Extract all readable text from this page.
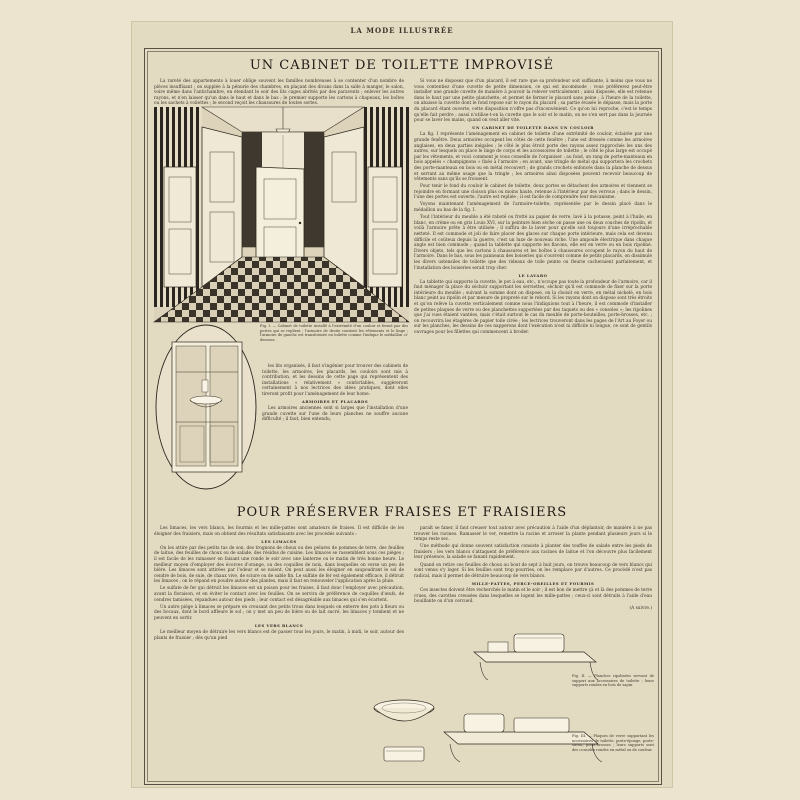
LA MODE ILLUSTRÉE
UN CABINET DE TOILETTE IMPROVISÉ

La rareté des appartements à louer oblige souvent les familles nombreuses à se contenter d'un nombre de pièces insuffisant ; on supplée à la pénurie des chambres, en plaçant des divans dans la salle à manger, le salon, voire même dans l'antichambre, en étendant le soir des lits cages abrités par des paravents ; enlever les autres rayons, et n'en laisser qu'un dans le haut et dans le bas ; le premier supporte les cartons à chapeaux, les boîtes ou les sachets à voilettes ; le second reçoit les chaussures de toutes sortes.

Fig. I. — Cabinet de toilette installé à l'extrémité d'un couloir et fermé par des portes qui se replient ; l'armoire de droite contient les vêtements et le linge ; l'armoire de gauche est transformée en toilette comme l'indique le médaillon ci-dessous.

les lits organisés, il faut s'ingénier pour trouver des cabinets de toilette, les armoires, les placards, les couloirs sont mis à contribution, et les dessins de cette page qui représentent des installations « relativement » confortables, suggèreront certainement à nos lectrices des idées pratiques, dont elles tireront profit pour l'aménagement de leur home.

ARMOIRES ET PLACARDS

Les armoires anciennes sont si larges que l'installation d'une grande cuvette sur l'une de leurs planches ne souffre aucune difficulté ; il faut, bien entendu,

Si vous ne disposez que d'un placard, il est rare que sa profondeur soit suffisante, à moins que vous ne vous contentiez d'une cuvette de petite dimension, ce qui est incommode ; vous préférerez peut-être installer une grande cuvette de manière à pouvoir la relever verticalement ; ainsi disposée, elle est retenue dans le haut par une petite planchette, et permet de fermer le placard sans peine ; à l'heure de la toilette, on abaisse la cuvette dont le fond repose sur le rayon du placard ; sa partie évasée le dépasse, mais la porte du placard étant ouverte, cette disposition n'offre pas d'inconvénient. Ce qu'on lui reproche, c'est le temps qu'elle fait perdre ; aussi n'utilise-t-on la cuvette que le soir et le matin, on ne s'en sert pas dans la journée pour se laver les mains, quand on veut aller vite.

UN CABINET DE TOILETTE DANS UN COULOIR

La fig. I représente l'aménagement en cabinet de toilette d'une extrémité de couloir, éclairée par une grande fenêtre. Deux armoires occupent les côtés de cette fenêtre ; l'une est dressée comme les armoires anglaises, en deux parties inégales ; le côté le plus étroit porte des rayons assez rapprochés les uns des autres, sur lesquels on place le linge de corps et les accessoires de toilette ; le côté le plus large est occupé par les vêtements, et voici comment je vous conseille de l'organiser : au fond, un rang de porte-manteaux en bois appelés « champignons » fixés à l'armoire ; en avant, une tringle de métal qui supportera les crochets des porte-manteaux en bois ou en métal recouvert ; de grands crochets enfoncés dans la planche de dessus et serrant au même usage que la tringle ; les armoires ainsi disposées peuvent recevoir beaucoup de vêtements sans qu'ils se froissent.

Pour tenir le fond du couloir le cabinet de toilette, deux portes se détachent des armoires et viennent se rejoindre en formant une cloison plus ou moins haute, retenue à l'intérieur par des verrous ; dans le dessin, l'une des portes est ouverte, l'autre est repliée ; il est facile de comprendre leur mécanisme.

Voyons maintenant l'aménagement de l'armoire-toilette, représentée par le dessin placé dans le médaillon au bas de la fig. I.

Tout l'intérieur du meuble a été raboté ou frotté au papier de verre, lavé à la potasse, peint à l'huile, en blanc, en crème ou en gris Louis XVI, sur la peinture bien sèche on passe une ou deux couches de ripolin, et voilà l'armoire prête à être utilisée ; il suffira de la laver pour qu'elle soit toujours d'une irréprochable netteté. Il est commode et joli de faire placer des glaces sur chaque porte intérieure, mais cela est devenu difficile et coûteux depuis la guerre, c'est un luxe de nouveau riche. Une ampoule électrique dans chaque angle est bien commode ; quand la tablette qui supporte les flacons, elle est en verre ou en bois ripoliné. Divers objets, tels que les cartons à chaussures et les boîtes à chaussures occupent le rayon du haut de l'armoire. Dans le bas, sous les panneaux des boiseries qui s'ouvrent comme de petits placards, on dissimule les divers ustensiles de toilette que des rideaux de toile peinte ou fleurie cacheraient parfaitement, et l'installation des boiseries serait trop cher.

LE LAVABO

La tablette qui supporte la cuvette, le pot à eau, etc., n'occupe pas toute la profondeur de l'armoire, car il faut ménager la place du sèchoir supportant les serviettes, sèchoir qu'il est commode de fixer sur la porte intérieure du meuble ; suivant la somme dont on dispose, on la choisit en verre, en métal nickelé, en bois blanc peint au ripolin et par mesure de propreté sur le rebord. Si les rayons dont on dispose sont très étroits et qu'on relève la cuvette verticalement comme nous l'indiquions tout à l'heure, il est commode d'installer de petites plaques de verre ou des planchettes supportées par des taquets ou des « consoles »; les ripolines que j'ai vues étaient vantées, mais c'était surtout le cas du meuble de porte-bouteilles, porte-brosses, etc. ; on recouvrira les étagères de papier toile cirée ; les lectrices trouveront dans les pages de l'Art au Foyer ou sur les planches, les dessins de ces napperons dont l'exécution n'est ni difficile ni longue, ce sont de gentils ouvrages pour les fillettes qui commencent à broder.

POUR PRÉSERVER FRAISES ET FRAISIERS

Les limaces, les vers blancs, les fourmis et les mille-pattes sont amateurs de fraises. Il est difficile de les éloigner des fraisiers, mais on obtient des résultats satisfaisants avec les procédés suivants :

LES LIMACES

On les attire par des petits tas de son, des trognons de choux ou des pelures de pommes de terre, des feuilles de laitue, des feuilles de choux ou de salade, des résidus de cuisine. Les limaces se rassemblent sous ces pièges ; il est facile de les ramasser en faisant une ronde le soir avec une lanterne ou le matin de très bonne heure. Le meilleur moyen d'employer des écorces d'orange, ou des coquilles de noix, dans lesquelles on verse un peu de bière. Les limaces sont attirées par l'odeur et se noient. On peut aussi les éloigner en saupoudrant le sol de cendre de bois, de suie, de chaux vive, de sciure ou de sable fin. Le sulfate de fer est également efficace, il détruit les limaces ; on le répand en poudre autour des plantes, mais il faut en renouveler l'application après la pluie.

Le sulfate de fer qui détruit les limaces est un poison pour les fraises, il faut donc l'employer avec précaution, avant la floraison, et en éviter le contact avec les feuilles. On se servira de préférence de coquilles d'œufs, de cendres tamisées, répandues autour des pieds ; leur contact est désagréable aux limaces qui s'en écartent.

Un autre piège à limaces se prépare en creusant des petits trous dans lesquels on enterre des pots à fleurs ou des bocaux, dont le bord affleure le sol ; on y met un peu de bière ou de lait sucré, les limaces y tombent et ne peuvent en sortir.

LES VERS BLANCS

Le meilleur moyen de détruire les vers blancs est de passer tous les jours, le matin, à midi, le soir, autour des plants de fraisier ; dès qu'un pied

paraît se faner, il faut creuser tout autour avec précaution à l'aide d'un déplantoir, de manière à ne pas trouver les racines. Ramasser le ver, remettre la racine et arroser la plante pendant plusieurs jours si le temps reste sec.

Une méthode qui donne souvent satisfaction consiste à planter des touffes de salade entre les pieds de fraisiers ; les vers blancs s'attaquent de préférence aux racines de laitue et l'on découvre plus facilement leur présence, la salade se fanant rapidement.

Quand on retire ces feuilles de choux au bout de sept à huit jours, on trouve beaucoup de vers blancs qui sont venus s'y loger. Si les feuilles sont trop pourries, on les remplace par d'autres. Ce procédé n'est pas radical, mais il permet de détruire beaucoup de vers blancs.

MILLE-PATTES, PERCE-OREILLES ET FOURMIS

Ces insectes doivent être recherchés le matin et le soir ; il est bon de mettre çà et là des pommes de terre crues, des carottes creusées dans lesquelles se logent les mille-pattes ; ceux-ci sont détruits à l'aide d'eau bouillante ou d'un cercueil.

(A suivre.)

Fig. II. — Planches ripolinées servant de support aux accessoires de toilette ; leurs supports rondes en bois de sapin.
Fig. III. — Plaques de verre supportant les accessoires de toilette, porte-éponge, porte-savon, porte-brosses ; leurs supports sont des consoles rondes en métal ou de couleur.
